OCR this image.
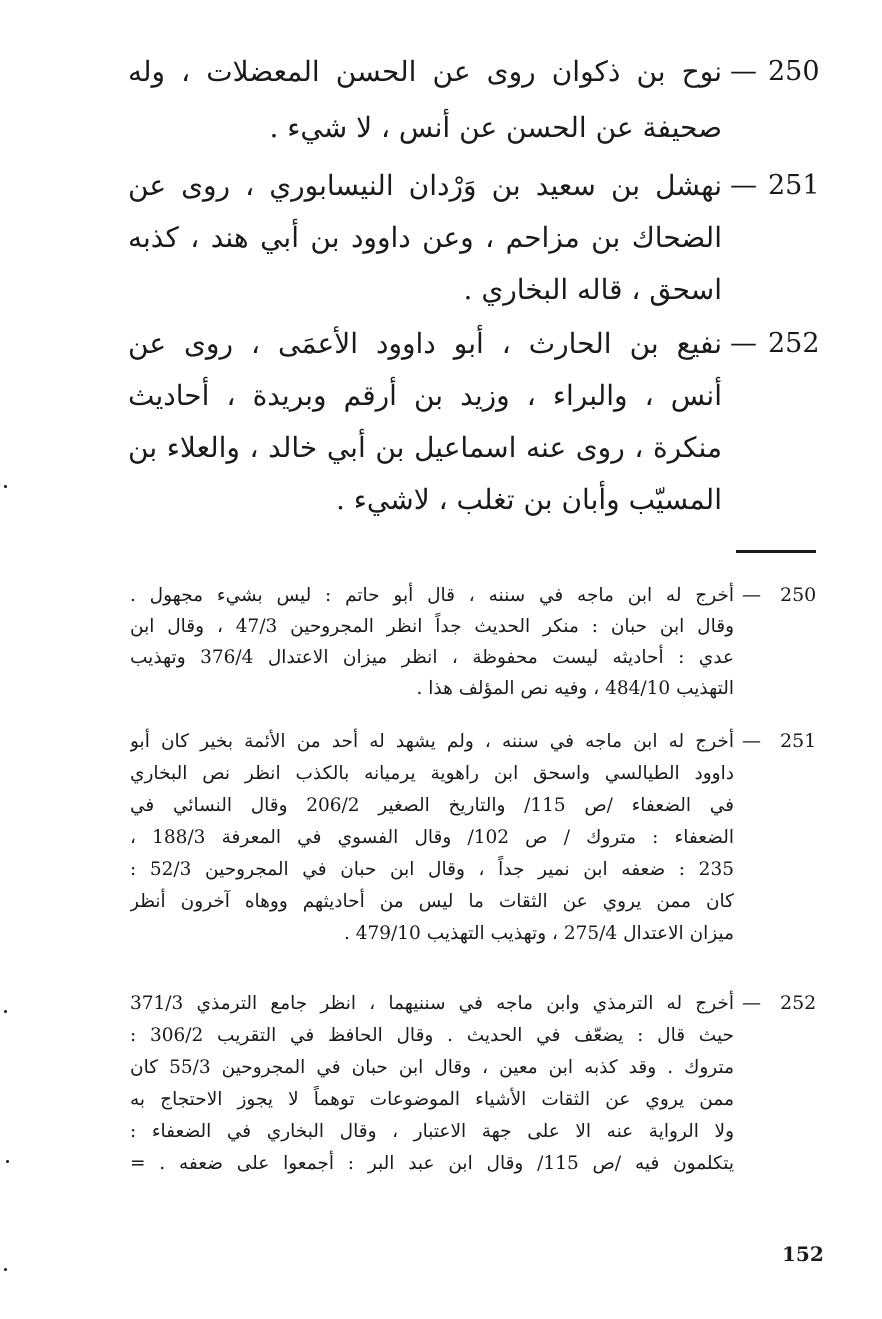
250
—
نوح بن ذكوان روى عن الحسن المعضلات ، وله
صحيفة عن الحسن عن أنس ، لا شيء .
251
—
نهشل بن سعيد بن وَرْدان النيسابوري ، روى عن
الضحاك بن مزاحم ، وعن داوود بن أبي هند ، كذبه
اسحق ، قاله البخاري .
252
—
نفيع بن الحارث ، أبو داوود الأعمَى ، روى عن
أنس ، والبراء ، وزيد بن أرقم وبريدة ، أحاديث
منكرة ، روى عنه اسماعيل بن أبي خالد ، والعلاء بن
المسيّب وأبان بن تغلب ، لاشيء .
250
—
أخرج له ابن ماجه في سننه ، قال أبو حاتم : ليس بشيء مجهول .
وقال ابن حبان : منكر الحديث جداً انظر المجروحين 47/3 ، وقال ابن
عدي : أحاديثه ليست محفوظة ، انظر ميزان الاعتدال 376/4 وتهذيب
التهذيب 484/10 ، وفيه نص المؤلف هذا .
251
—
أخرج له ابن ماجه في سننه ، ولم يشهد له أحد من الأئمة بخير كان أبو
داوود الطيالسي واسحق ابن راهوية يرميانه بالكذب انظر نص البخاري
في الضعفاء /ص 115/ والتاريخ الصغير 206/2 وقال النسائي في
الضعفاء : متروك / ص 102/ وقال الفسوي في المعرفة 188/3 ،
235 : ضعفه ابن نمير جداً ، وقال ابن حبان في المجروحين 52/3 :
كان ممن يروي عن الثقات ما ليس من أحاديثهم ووهاه آخرون أنظر
ميزان الاعتدال 275/4 ، وتهذيب التهذيب 479/10 .
252
—
أخرج له الترمذي وابن ماجه في سننيهما ، انظر جامع الترمذي 371/3
حيث قال : يضعّف في الحديث . وقال الحافظ في التقريب 306/2 :
متروك . وقد كذبه ابن معين ، وقال ابن حبان في المجروحين 55/3 كان
ممن يروي عن الثقات الأشياء الموضوعات توهماً لا يجوز الاحتجاج به
ولا الرواية عنه الا على جهة الاعتبار ، وقال البخاري في الضعفاء :
يتكلمون فيه /ص 115/ وقال ابن عبد البر : أجمعوا على ضعفه . =
152
